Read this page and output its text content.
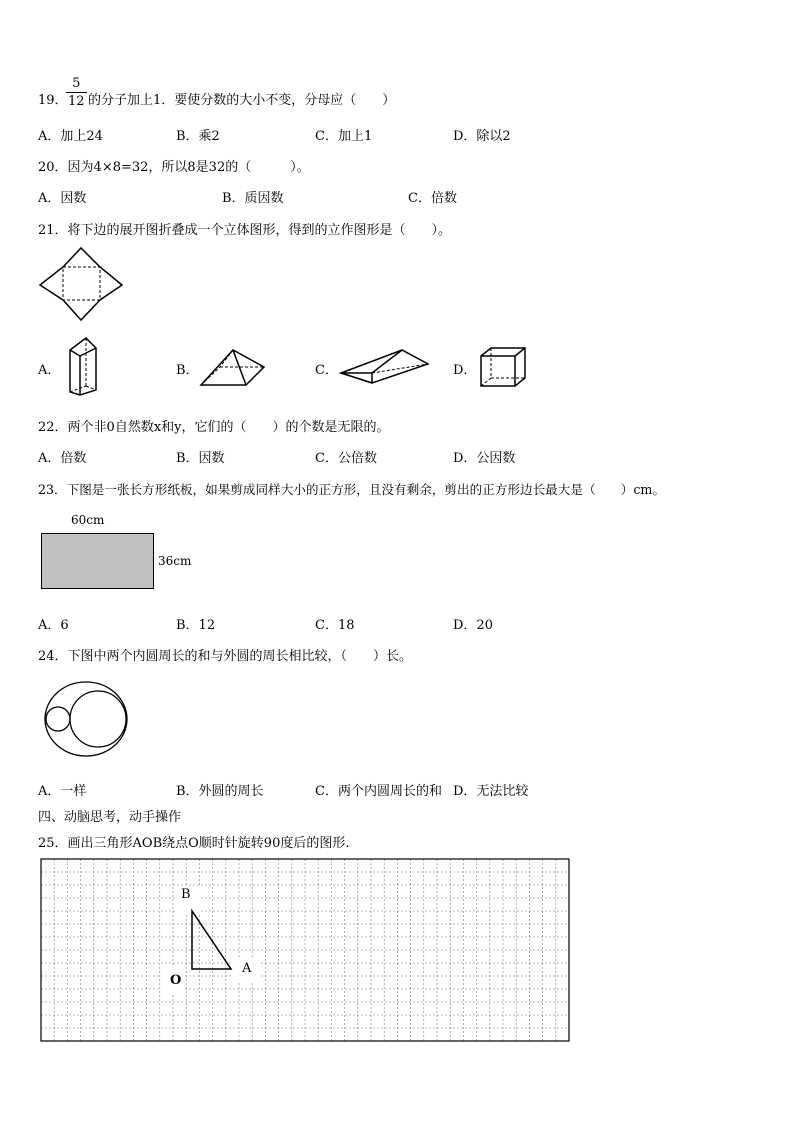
19．
5
12 的分子加上1．要使分数的大小不变，分母应（　　）
A．加上24	B．乘2	C．加上1	D．除以2
20．因为4×8=32，所以8是32的（　　　）。
A．因数	B．质因数	C．倍数
21．将下边的展开图折叠成一个立体图形，得到的立作图形是（　　）。
A．	B．	C．	D．
22．两个非0自然数x和y，它们的（　　）的个数是无限的。
A．倍数	B．因数	C．公倍数	D．公因数
23．下图是一张长方形纸板，如果剪成同样大小的正方形，且没有剩余，剪出的正方形边长最大是（　　）cm。
60cm
36cm
A．6	B．12	C．18	D．20
24．下图中两个内圆周长的和与外圆的周长相比较，（　　）长。
A．一样	B．外圆的周长	C．两个内圆周长的和 D．无法比较
四、动脑思考，动手操作
25．画出三角形AOB绕点O顺时针旋转90度后的图形.
B
A
O
